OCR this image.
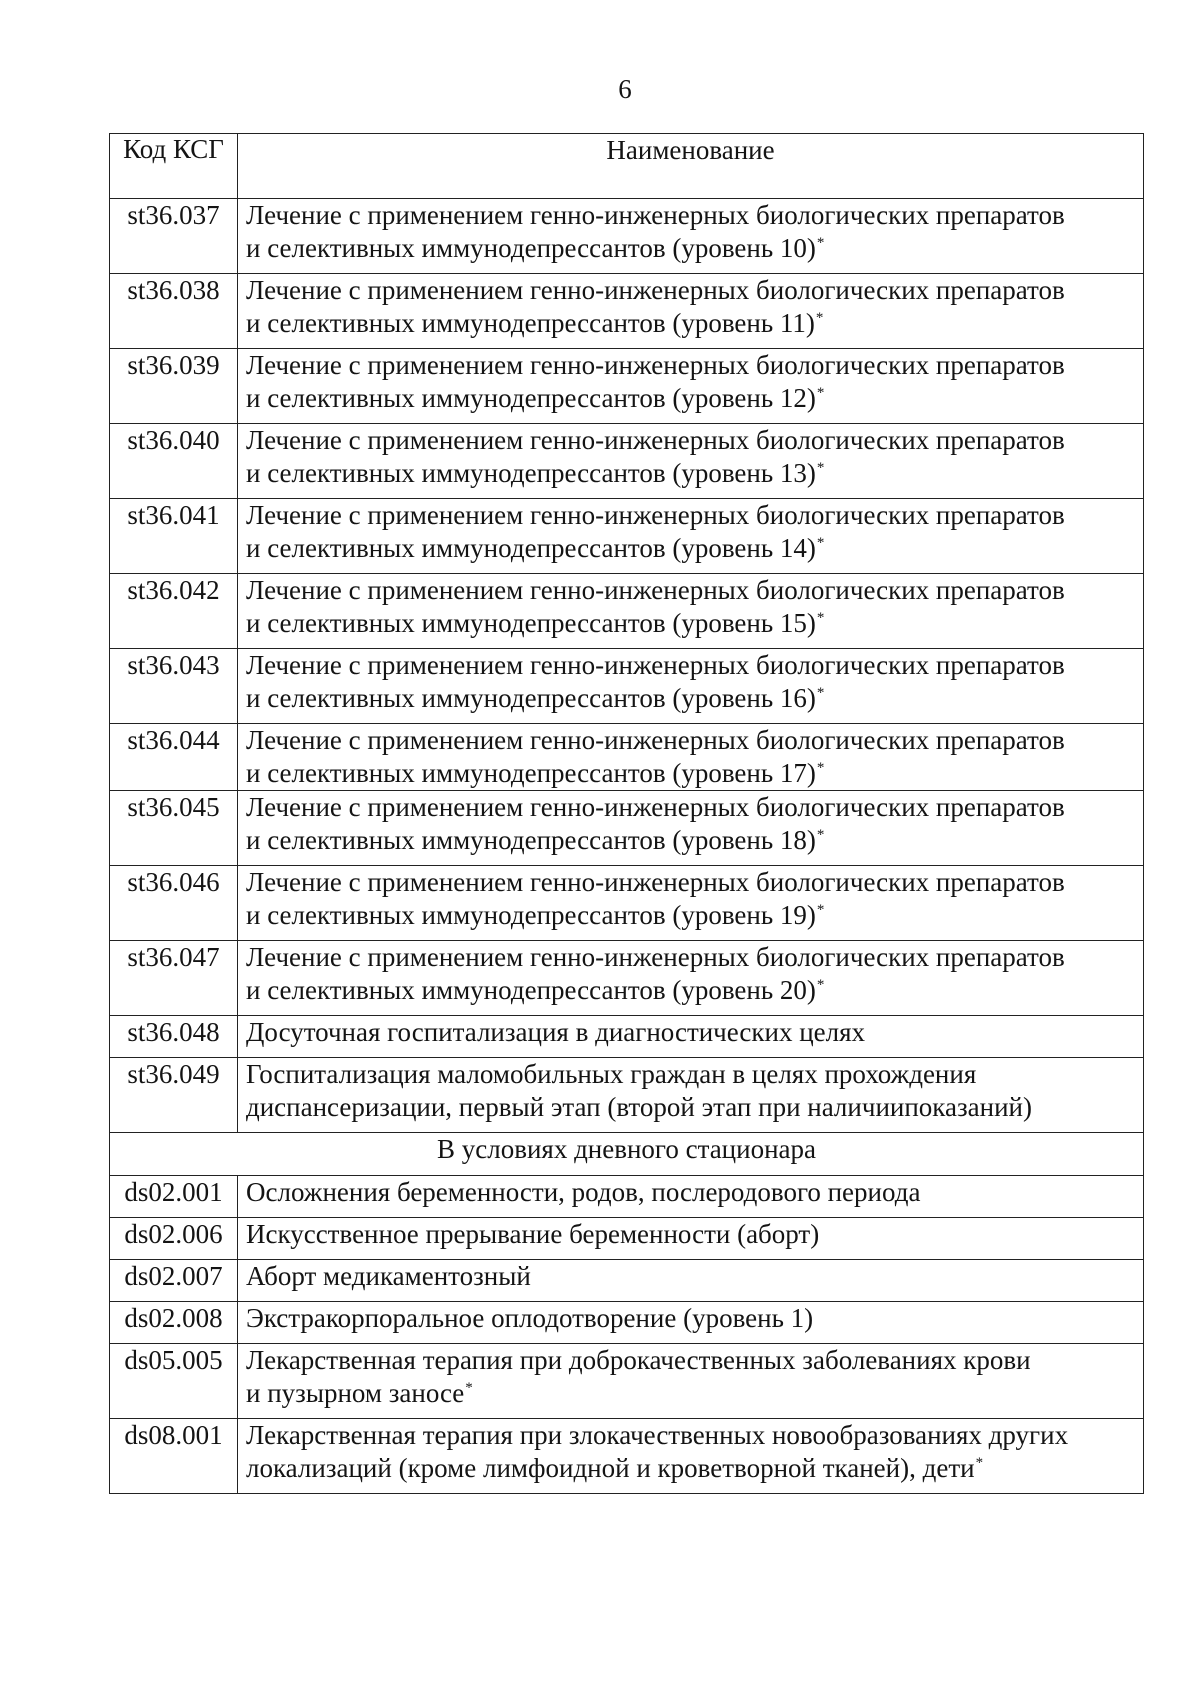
6
Код КСГ	Наименование
st36.037	Лечение с применением генно-инженерных биологических препаратов
и селективных иммунодепрессантов (уровень 10)*

st36.038	Лечение с применением генно-инженерных биологических препаратов
и селективных иммунодепрессантов (уровень 11)*

st36.039	Лечение с применением генно-инженерных биологических препаратов
и селективных иммунодепрессантов (уровень 12)*

st36.040	Лечение с применением генно-инженерных биологических препаратов
и селективных иммунодепрессантов (уровень 13)*

st36.041	Лечение с применением генно-инженерных биологических препаратов
и селективных иммунодепрессантов (уровень 14)*

st36.042	Лечение с применением генно-инженерных биологических препаратов
и селективных иммунодепрессантов (уровень 15)*

st36.043	Лечение с применением генно-инженерных биологических препаратов
и селективных иммунодепрессантов (уровень 16)*

st36.044	Лечение с применением генно-инженерных биологических препаратов
и селективных иммунодепрессантов (уровень 17)*

st36.045	Лечение с применением генно-инженерных биологических препаратов
и селективных иммунодепрессантов (уровень 18)*

st36.046	Лечение с применением генно-инженерных биологических препаратов
и селективных иммунодепрессантов (уровень 19)*

st36.047	Лечение с применением генно-инженерных биологических препаратов
и селективных иммунодепрессантов (уровень 20)*

st36.048	Досуточная госпитализация в диагностических целях

st36.049	Госпитализация маломобильных граждан в целях прохождения
диспансеризации, первый этап (второй этап при наличиипоказаний)

В условиях дневного стационара	
ds02.001	Осложнения беременности, родов, послеродового периода

ds02.006	Искусственное прерывание беременности (аборт)

ds02.007	Аборт медикаментозный

ds02.008	Экстракорпоральное оплодотворение (уровень 1)

ds05.005	Лекарственная терапия при доброкачественных заболеваниях крови
и пузырном заносе*

ds08.001	Лекарственная терапия при злокачественных новообразованиях других
локализаций (кроме лимфоидной и кроветворной тканей), дети*
